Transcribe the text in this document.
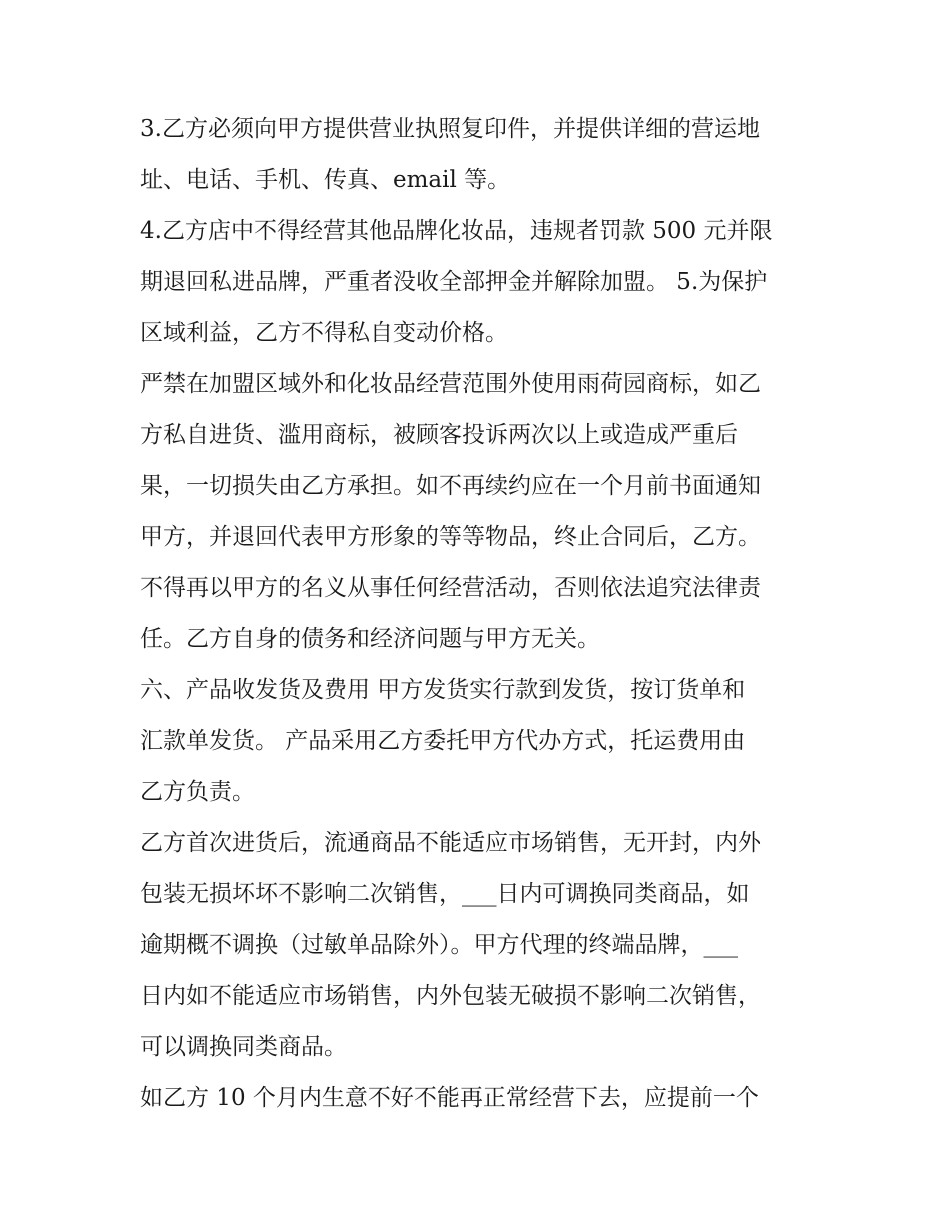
3.乙方必须向甲方提供营业执照复印件，并提供详细的营运地
址、电话、手机、传真、email 等。
4.乙方店中不得经营其他品牌化妆品，违规者罚款 500 元并限
期退回私进品牌，严重者没收全部押金并解除加盟。 5.为保护
区域利益，乙方不得私自变动价格。
严禁在加盟区域外和化妆品经营范围外使用雨荷园商标，如乙
方私自进货、滥用商标，被顾客投诉两次以上或造成严重后
果，一切损失由乙方承担。如不再续约应在一个月前书面通知
甲方，并退回代表甲方形象的等等物品，终止合同后，乙方。
不得再以甲方的名义从事任何经营活动，否则依法追究法律责
任。乙方自身的债务和经济问题与甲方无关。
六、产品收发货及费用 甲方发货实行款到发货，按订货单和
汇款单发货。 产品采用乙方委托甲方代办方式，托运费用由
乙方负责。
乙方首次进货后，流通商品不能适应市场销售，无开封，内外
包装无损坏坏不影响二次销售，___日内可调换同类商品，如
逾期概不调换（过敏单品除外）。甲方代理的终端品牌，___
日内如不能适应市场销售，内外包装无破损不影响二次销售，
可以调换同类商品。
如乙方 10 个月内生意不好不能再正常经营下去，应提前一个
